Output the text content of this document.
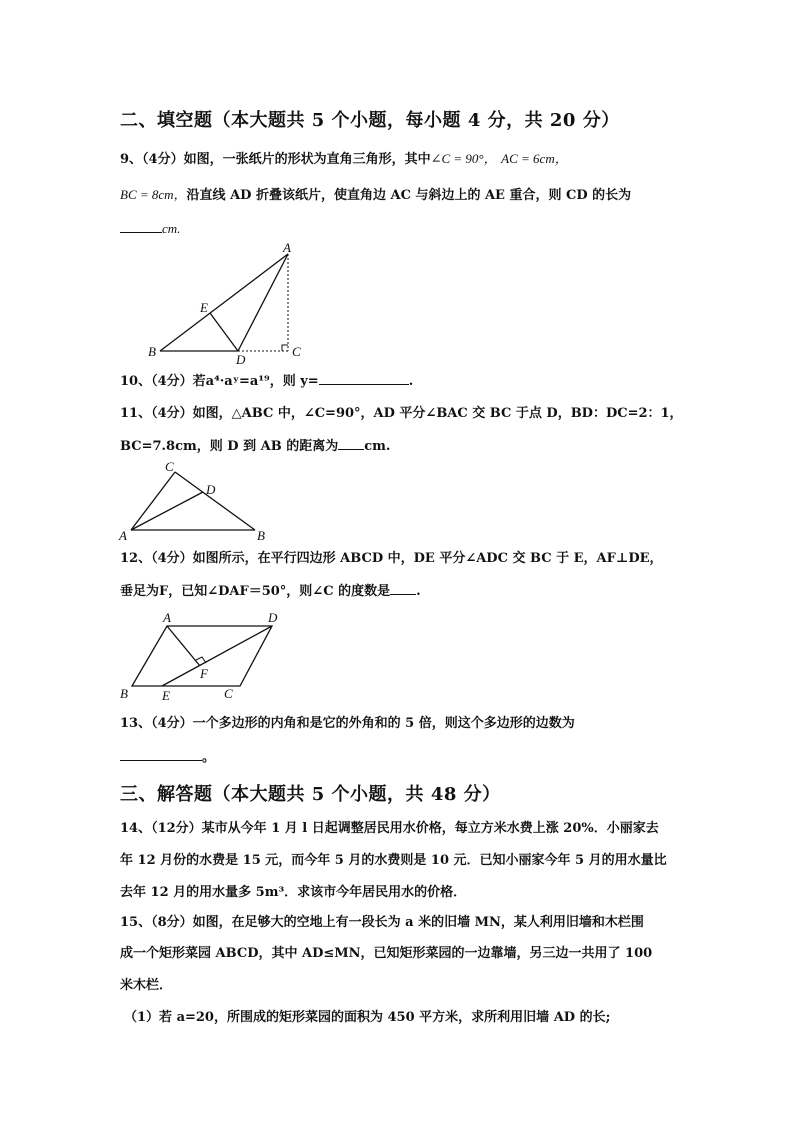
二、填空题（本大题共 5 个小题，每小题 4 分，共 20 分）
9、（4分）如图，一张纸片的形状为直角三角形，其中∠C = 90°， AC = 6cm，
BC = 8cm，沿直线 AD 折叠该纸片，使直角边 AC 与斜边上的 AE 重合，则 CD 的长为
cm.
A
B	C
D
E
10、（4分）若a⁴·aʸ=a¹⁹，则 y=	.
11、（4分）如图，△ABC 中，∠C=90°，AD 平分∠BAC 交 BC 于点 D，BD：DC=2：1，
BC=7.8cm，则 D 到 AB 的距离为 cm.
A	B
C
D
12、（4分）如图所示，在平行四边形 ABCD 中，DE 平分∠ADC 交 BC 于 E，AF⊥DE，
垂足为F，已知∠DAF＝50°，则∠C 的度数是 .
A
B	C
D
E
F
13、（4分）一个多边形的内角和是它的外角和的 5 倍，则这个多边形的边数为
。
三、解答题（本大题共 5 个小题，共 48 分）
14、（12分）某市从今年 1 月 l 日起调整居民用水价格，每立方米水费上涨 20%．小丽家去
年 12 月份的水费是 15 元，而今年 5 月的水费则是 10 元．已知小丽家今年 5 月的用水量比
去年 12 月的用水量多 5m³．求该市今年居民用水的价格．
15、（8分）如图，在足够大的空地上有一段长为 a 米的旧墙 MN，某人利用旧墙和木栏围
成一个矩形菜园 ABCD，其中 AD≤MN，已知矩形菜园的一边靠墙，另三边一共用了 100
米木栏．
（1）若 a=20，所围成的矩形菜园的面积为 450 平方米，求所利用旧墙 AD 的长;
